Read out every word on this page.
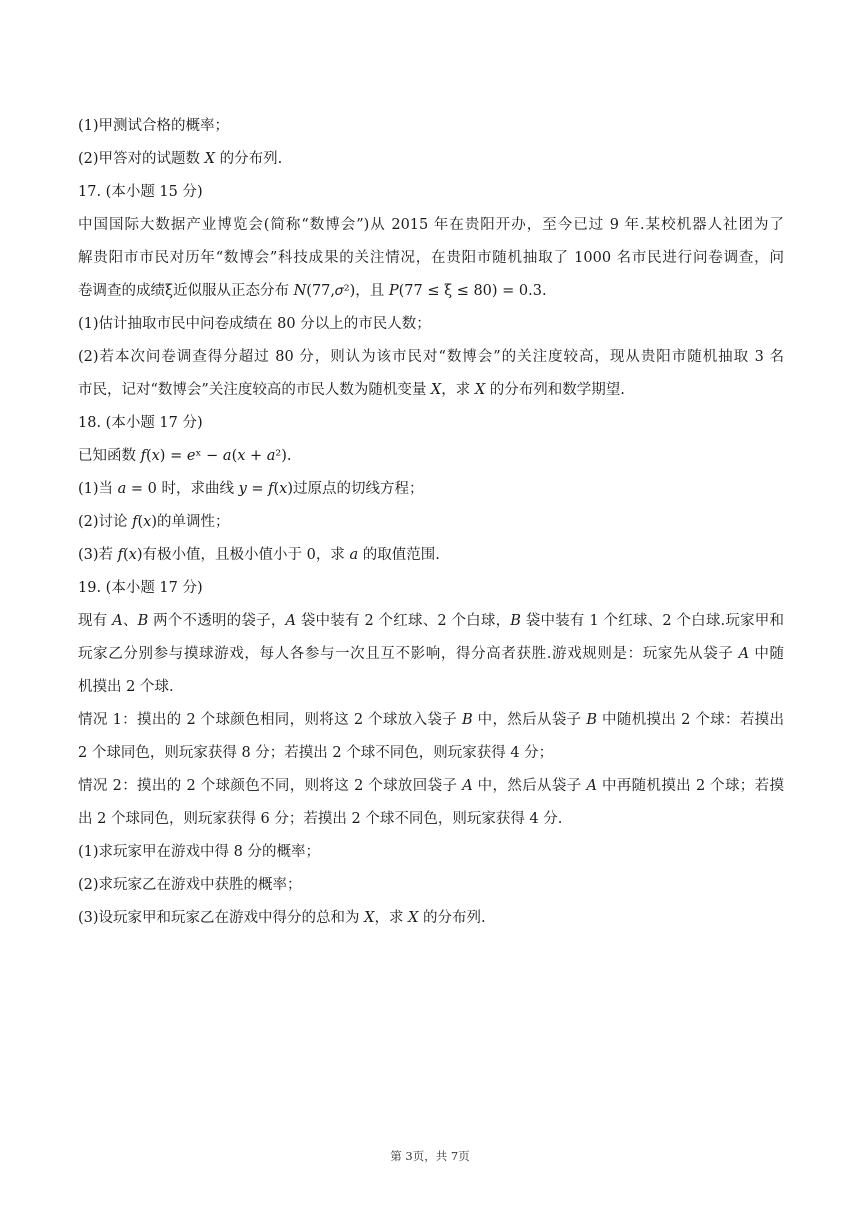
(1)甲测试合格的概率；
(2)甲答对的试题数 𝑋 的分布列.
17. (本小题 15 分)
中国国际大数据产业博览会(简称“数博会”)从 2015 年在贵阳开办，至今已过 9 年.某校机器人社团为了
解贵阳市市民对历年“数博会”科技成果的关注情况，在贵阳市随机抽取了 1000 名市民进行问卷调查，问
卷调查的成绩ξ近似服从正态分布 𝑁(77,𝜎²)，且 𝑃(77 ≤ ξ ≤ 80) = 0.3.
(1)估计抽取市民中问卷成绩在 80 分以上的市民人数；
(2)若本次问卷调查得分超过 80 分，则认为该市民对“数博会”的关注度较高，现从贵阳市随机抽取 3 名
市民，记对“数博会”关注度较高的市民人数为随机变量 𝑋，求 𝑋 的分布列和数学期望.
18. (本小题 17 分)
已知函数 𝑓(𝑥) = 𝑒ˣ − 𝑎(𝑥 + 𝑎²).
(1)当 𝑎 = 0 时，求曲线 𝑦 = 𝑓(𝑥)过原点的切线方程；
(2)讨论 𝑓(𝑥)的单调性；
(3)若 𝑓(𝑥)有极小值，且极小值小于 0，求 𝑎 的取值范围.
19. (本小题 17 分)
现有 𝐴、𝐵 两个不透明的袋子，𝐴 袋中装有 2 个红球、2 个白球，𝐵 袋中装有 1 个红球、2 个白球.玩家甲和
玩家乙分别参与摸球游戏，每人各参与一次且互不影响，得分高者获胜.游戏规则是：玩家先从袋子 𝐴 中随
机摸出 2 个球.
情况 1：摸出的 2 个球颜色相同，则将这 2 个球放入袋子 𝐵 中，然后从袋子 𝐵 中随机摸出 2 个球：若摸出
2 个球同色，则玩家获得 8 分；若摸出 2 个球不同色，则玩家获得 4 分；
情况 2：摸出的 2 个球颜色不同，则将这 2 个球放回袋子 𝐴 中，然后从袋子 𝐴 中再随机摸出 2 个球；若摸
出 2 个球同色，则玩家获得 6 分；若摸出 2 个球不同色，则玩家获得 4 分.
(1)求玩家甲在游戏中得 8 分的概率；
(2)求玩家乙在游戏中获胜的概率；
(3)设玩家甲和玩家乙在游戏中得分的总和为 𝑋，求 𝑋 的分布列.
第 3页，共 7页
